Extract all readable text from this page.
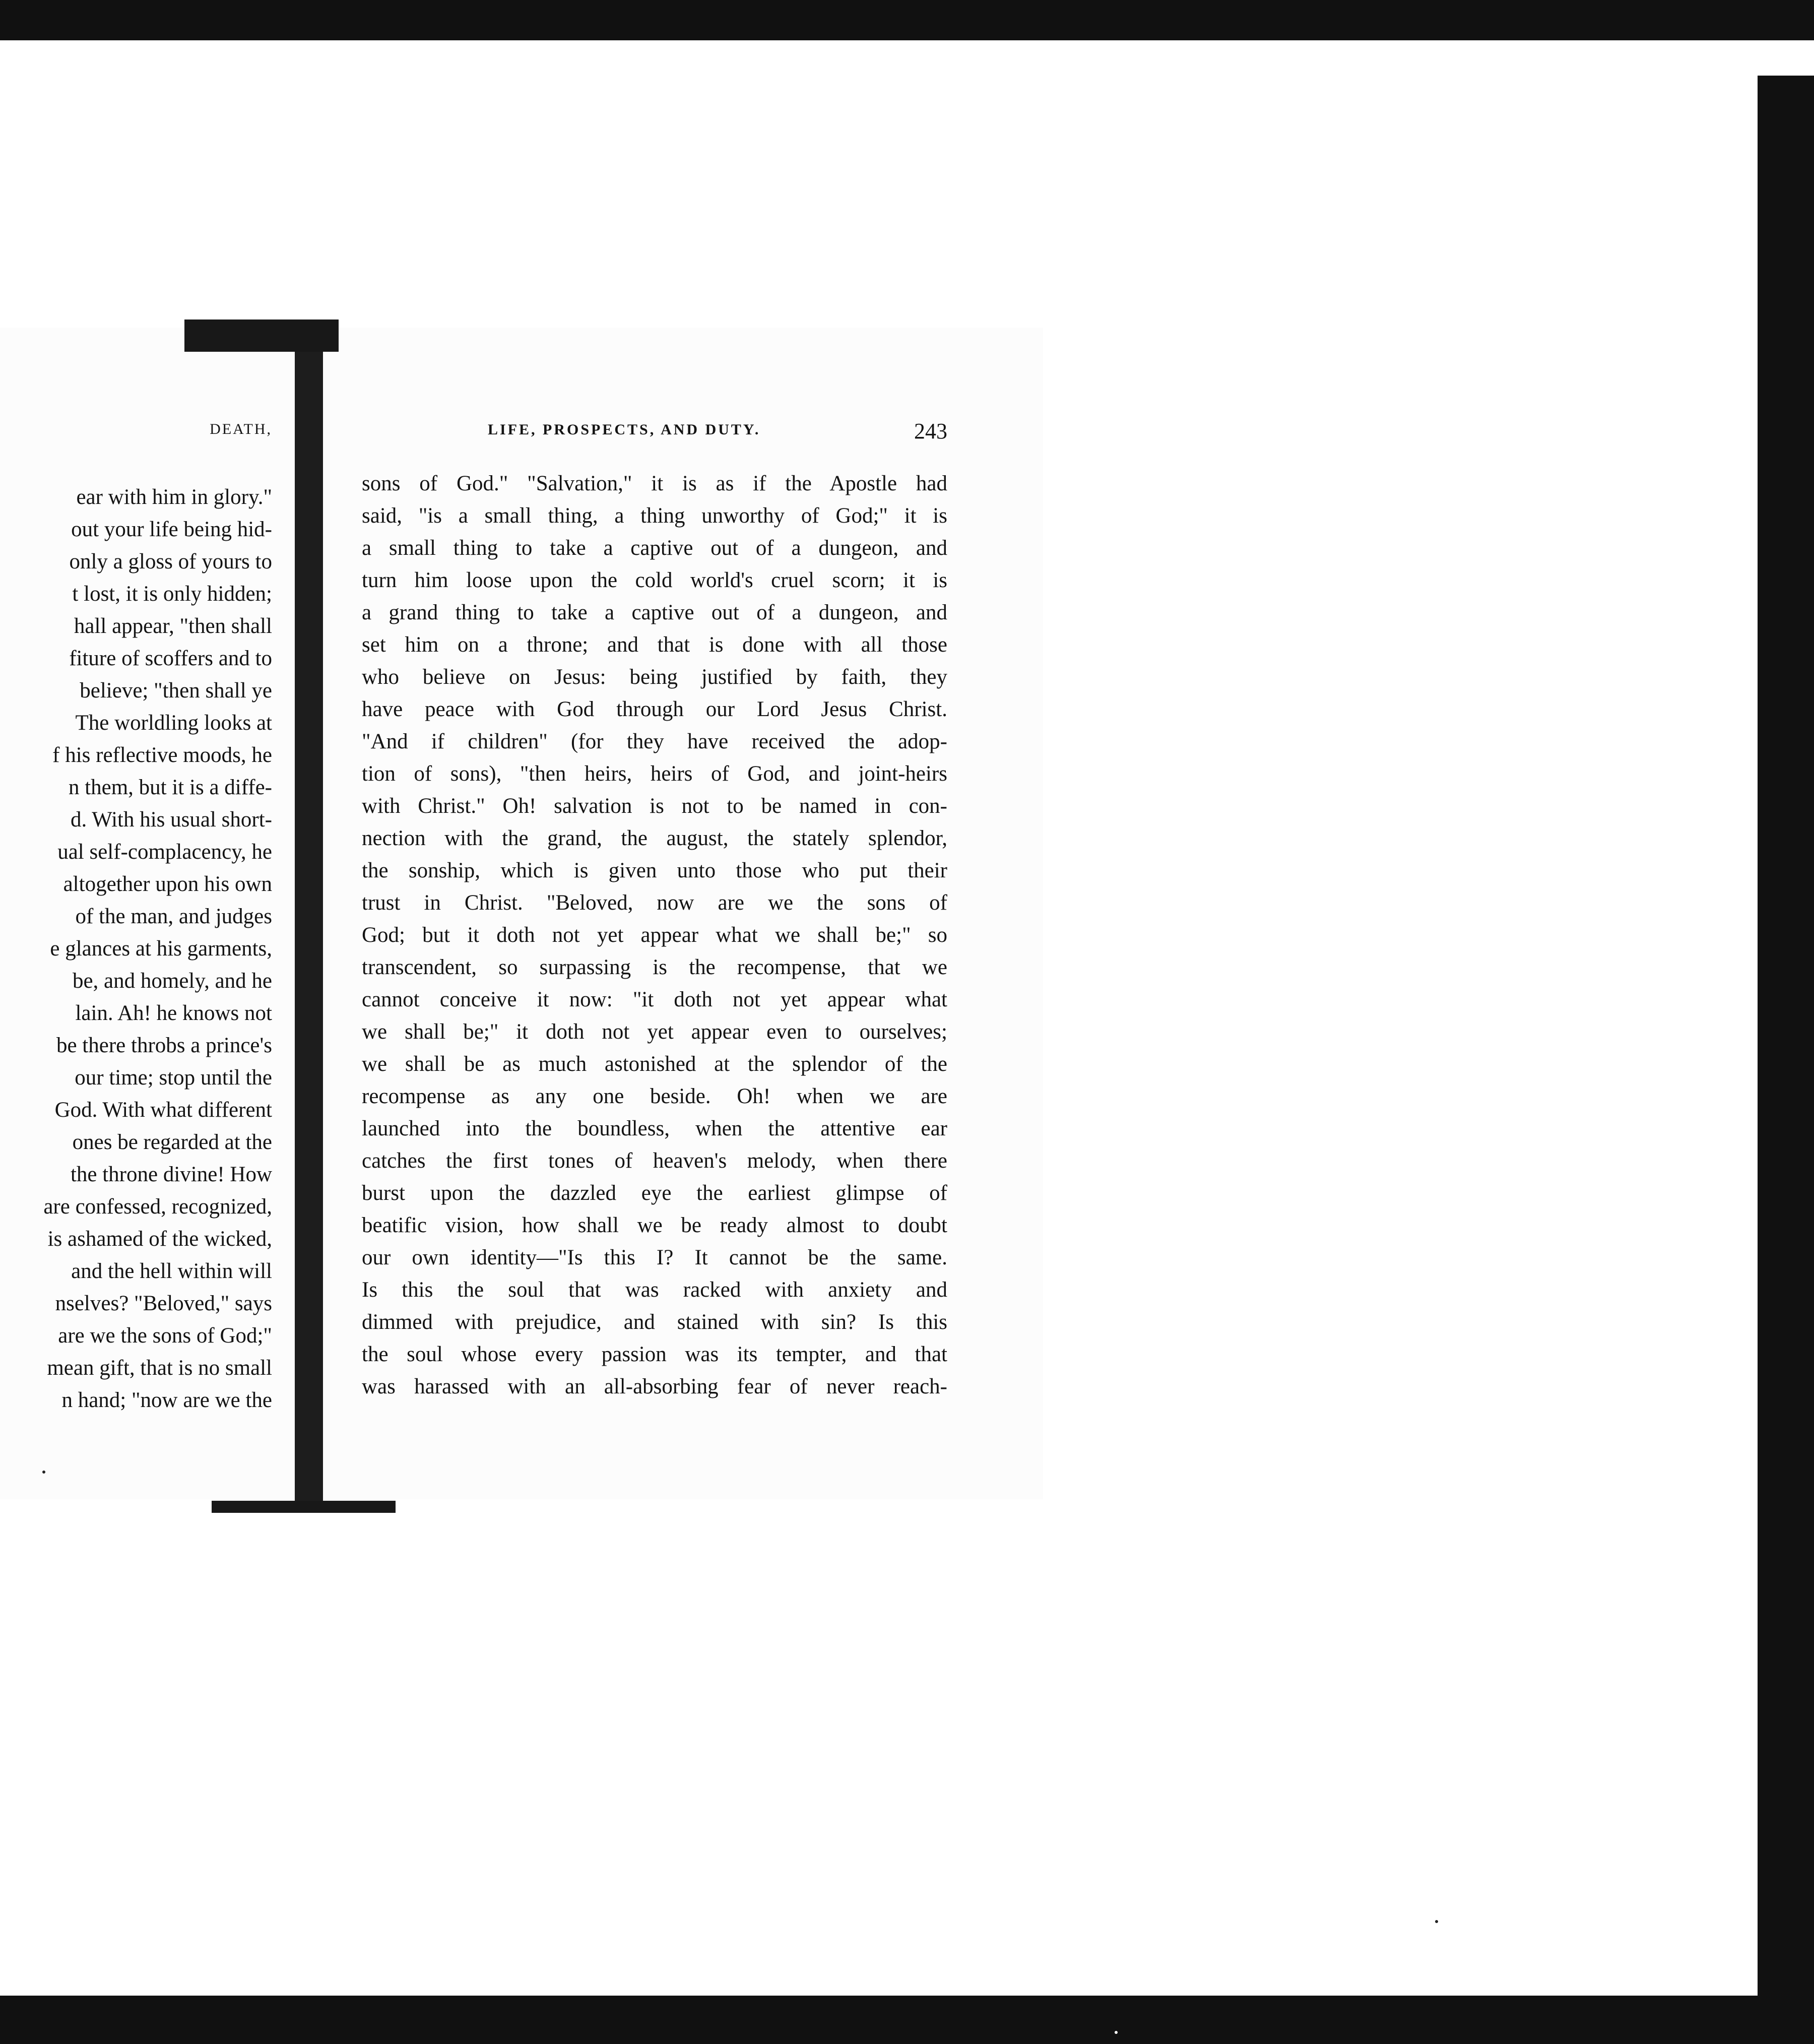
DEATH,
ear with him in glory."
out your life being hid-
only a gloss of yours to
t lost, it is only hidden;
hall appear, "then shall
fiture of scoffers and to
believe; "then shall ye
The worldling looks at
f his reflective moods, he
n them, but it is a diffe-
d. With his usual short-
ual self-complacency, he
altogether upon his own
of the man, and judges
e glances at his garments,
be, and homely, and he
lain. Ah! he knows not
be there throbs a prince's
our time; stop until the
God. With what different
ones be regarded at the
the throne divine! How
are confessed, recognized,
is ashamed of the wicked,
and the hell within will
nselves? "Beloved," says
are we the sons of God;"
mean gift, that is no small
n hand; "now are we the
LIFE, PROSPECTS, AND DUTY.	243
sons of God." "Salvation," it is as if the Apostle had
said, "is a small thing, a thing unworthy of God;" it is
a small thing to take a captive out of a dungeon, and
turn him loose upon the cold world's cruel scorn; it is
a grand thing to take a captive out of a dungeon, and
set him on a throne; and that is done with all those
who believe on Jesus: being justified by faith, they
have peace with God through our Lord Jesus Christ.
"And if children" (for they have received the adop-
tion of sons), "then heirs, heirs of God, and joint-heirs
with Christ." Oh! salvation is not to be named in con-
nection with the grand, the august, the stately splendor,
the sonship, which is given unto those who put their
trust in Christ. "Beloved, now are we the sons of
God; but it doth not yet appear what we shall be;" so
transcendent, so surpassing is the recompense, that we
cannot conceive it now: "it doth not yet appear what
we shall be;" it doth not yet appear even to ourselves;
we shall be as much astonished at the splendor of the
recompense as any one beside. Oh! when we are
launched into the boundless, when the attentive ear
catches the first tones of heaven's melody, when there
burst upon the dazzled eye the earliest glimpse of
beatific vision, how shall we be ready almost to doubt
our own identity—"Is this I? It cannot be the same.
Is this the soul that was racked with anxiety and
dimmed with prejudice, and stained with sin? Is this
the soul whose every passion was its tempter, and that
was harassed with an all-absorbing fear of never reach-
